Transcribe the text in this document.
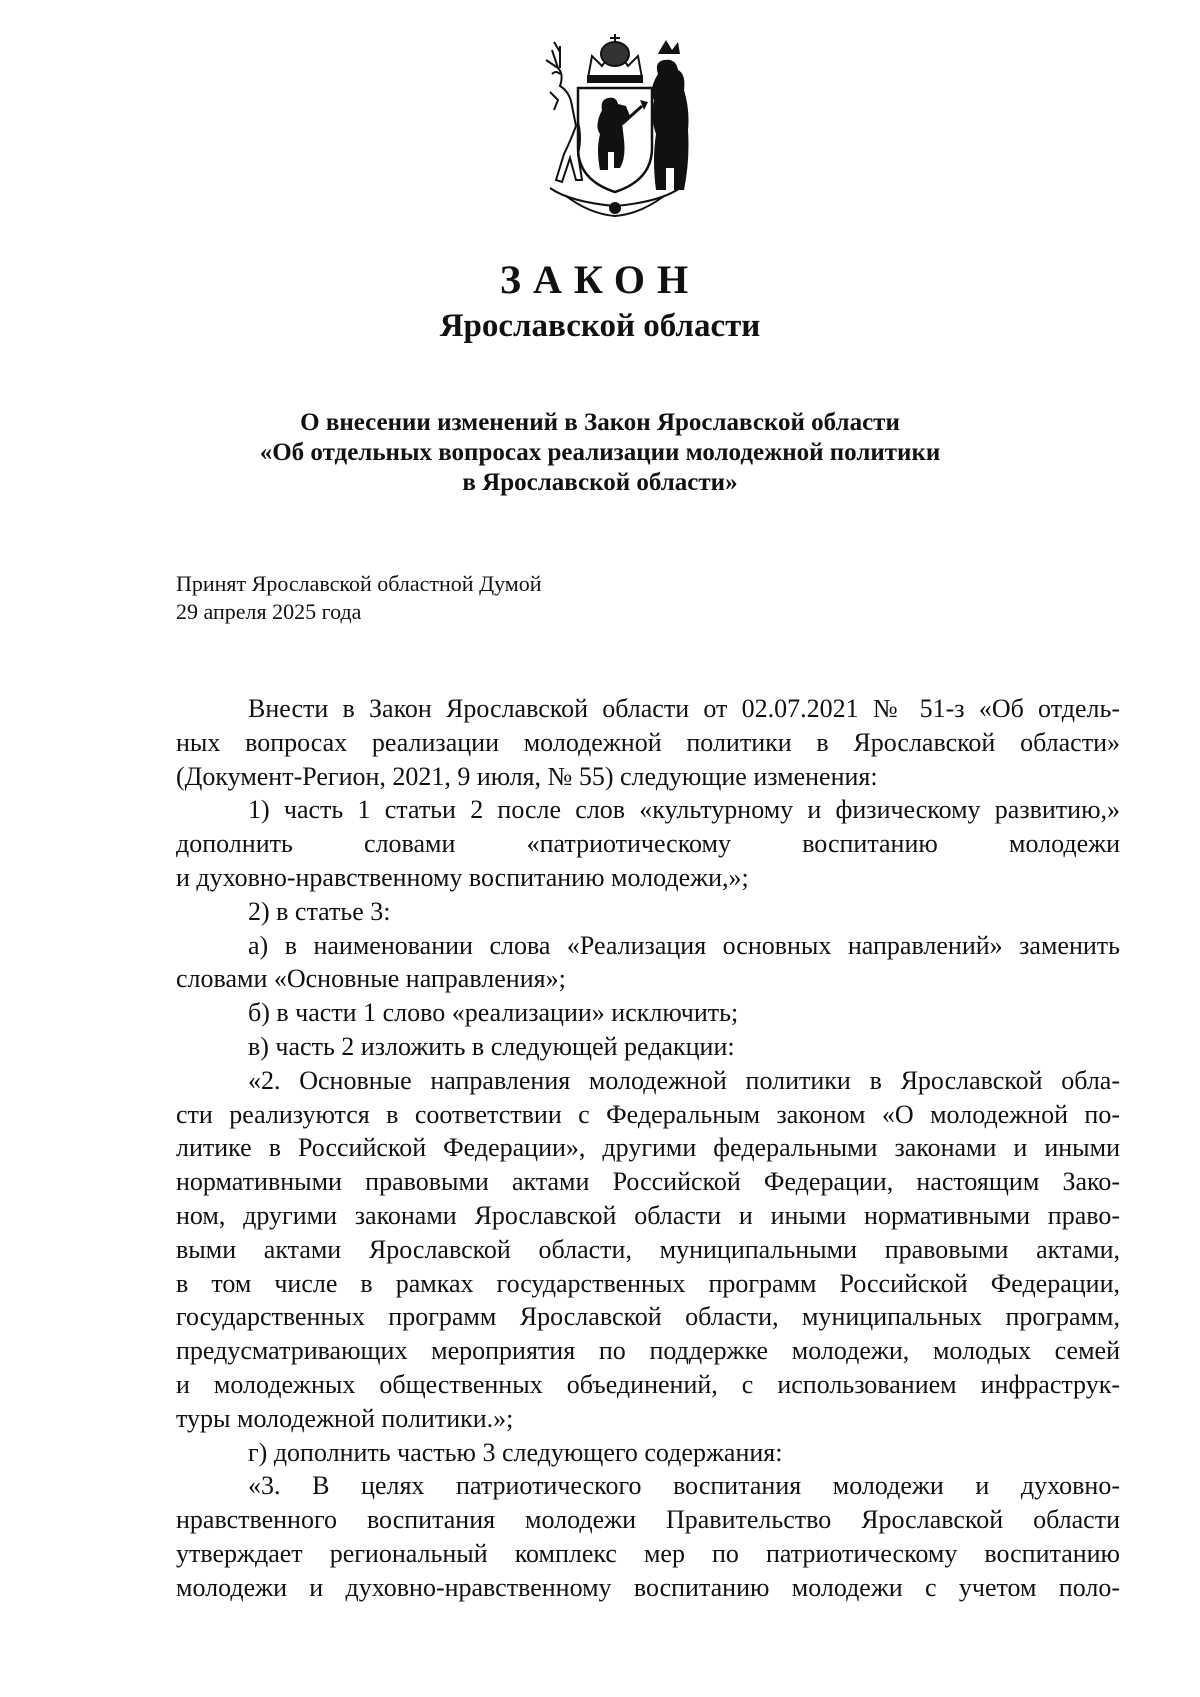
ЗАКОН
Ярославской области
О внесении изменений в Закон Ярославской области
«Об отдельных вопросах реализации молодежной политики
в Ярославской области»
Принят Ярославской областной Думой
29 апреля 2025 года
Внести в Закон Ярославской области от 02.07.2021 № 51-з «Об отдель-
ных вопросах реализации молодежной политики в Ярославской области»
(Документ-Регион, 2021, 9 июля, № 55) следующие изменения:
1) часть 1 статьи 2 после слов «культурному и физическому развитию,»
дополнить словами «патриотическому воспитанию молодежи
и духовно-нравственному воспитанию молодежи,»;
2) в статье 3:
а) в наименовании слова «Реализация основных направлений» заменить
словами «Основные направления»;
б) в части 1 слово «реализации» исключить;
в) часть 2 изложить в следующей редакции:
«2. Основные направления молодежной политики в Ярославской обла-
сти реализуются в соответствии с Федеральным законом «О молодежной по-
литике в Российской Федерации», другими федеральными законами и иными
нормативными правовыми актами Российской Федерации, настоящим Зако-
ном, другими законами Ярославской области и иными нормативными право-
выми актами Ярославской области, муниципальными правовыми актами,
в том числе в рамках государственных программ Российской Федерации,
государственных программ Ярославской области, муниципальных программ,
предусматривающих мероприятия по поддержке молодежи, молодых семей
и молодежных общественных объединений, с использованием инфраструк-
туры молодежной политики.»;
г) дополнить частью 3 следующего содержания:
«3. В целях патриотического воспитания молодежи и духовно-
нравственного воспитания молодежи Правительство Ярославской области
утверждает региональный комплекс мер по патриотическому воспитанию
молодежи и духовно-нравственному воспитанию молодежи с учетом поло-
